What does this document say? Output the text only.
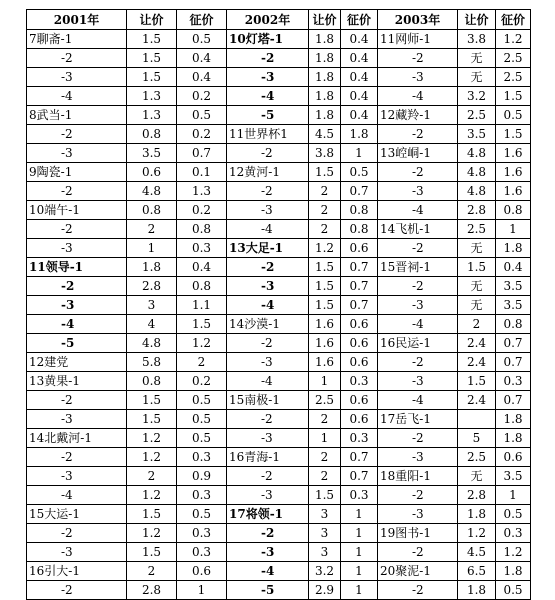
2001年	让价	征价	2002年	让价	征价	2003年	让价	征价
7聊斋-1	1.5	0.5	10灯塔-1	1.8	0.4	11网师-1	3.8	1.2
-2	1.5	0.4	-2	1.8	0.4	-2	无	2.5
-3	1.5	0.4	-3	1.8	0.4	-3	无	2.5
-4	1.3	0.2	-4	1.8	0.4	-4	3.2	1.5
8武当-1	1.3	0.5	-5	1.8	0.4	12藏羚-1	2.5	0.5
-2	0.8	0.2	11世界杯1	4.5	1.8	-2	3.5	1.5
-3	3.5	0.7	-2	3.8	1	13崆峒-1	4.8	1.6
9陶瓷-1	0.6	0.1	12黄河-1	1.5	0.5	-2	4.8	1.6
-2	4.8	1.3	-2	2	0.7	-3	4.8	1.6
10端午-1	0.8	0.2	-3	2	0.8	-4	2.8	0.8
-2	2	0.8	-4	2	0.8	14飞机-1	2.5	1
-3	1	0.3	13大足-1	1.2	0.6	-2	无	1.8
11领导-1	1.8	0.4	-2	1.5	0.7	15晋祠-1	1.5	0.4
-2	2.8	0.8	-3	1.5	0.7	-2	无	3.5
-3	3	1.1	-4	1.5	0.7	-3	无	3.5
-4	4	1.5	14沙漠-1	1.6	0.6	-4	2	0.8
-5	4.8	1.2	-2	1.6	0.6	16民运-1	2.4	0.7
12建党	5.8	2	-3	1.6	0.6	-2	2.4	0.7
13黄果-1	0.8	0.2	-4	1	0.3	-3	1.5	0.3
-2	1.5	0.5	15南极-1	2.5	0.6	-4	2.4	0.7
-3	1.5	0.5	-2	2	0.6	17岳飞-1		1.8
14北戴河-1	1.2	0.5	-3	1	0.3	-2	5	1.8
-2	1.2	0.3	16青海-1	2	0.7	-3	2.5	0.6
-3	2	0.9	-2	2	0.7	18重阳-1	无	3.5
-4	1.2	0.3	-3	1.5	0.3	-2	2.8	1
15大运-1	1.5	0.5	17将领-1	3	1	-3	1.8	0.5
-2	1.2	0.3	-2	3	1	19图书-1	1.2	0.3
-3	1.5	0.3	-3	3	1	-2	4.5	1.2
16引大-1	2	0.6	-4	3.2	1	20聚泥-1	6.5	1.8
-2	2.8	1	-5	2.9	1	-2	1.8	0.5
